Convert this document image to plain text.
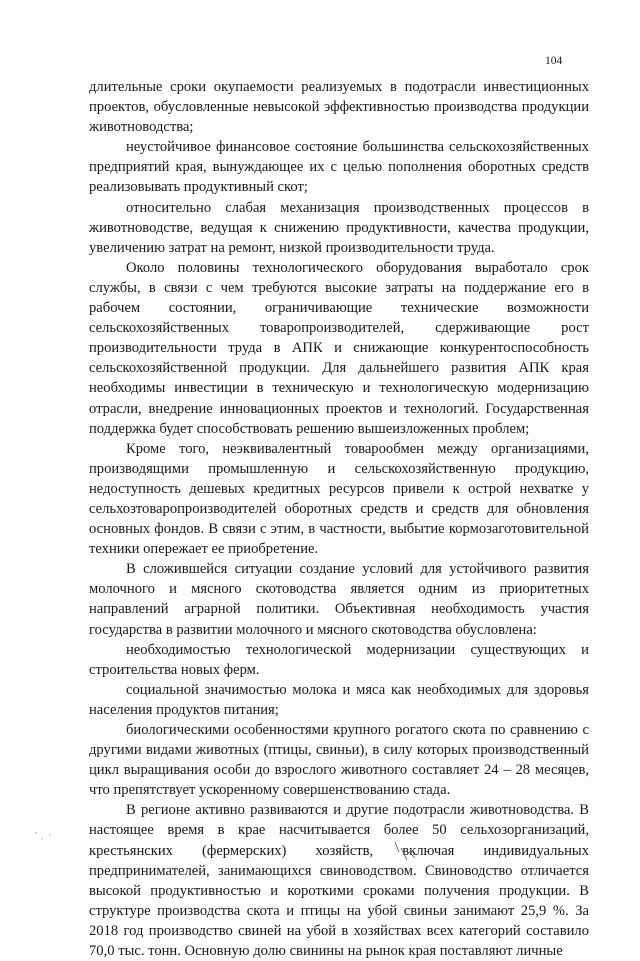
104

длительные сроки окупаемости реализуемых в подотрасли инвестиционных проектов, обусловленные невысокой эффективностью производства продукции животноводства;

неустойчивое финансовое состояние большинства сельскохозяйственных предприятий края, вынуждающее их с целью пополнения оборотных средств реализовывать продуктивный скот;

относительно слабая механизация производственных процессов в животноводстве, ведущая к снижению продуктивности, качества продукции, увеличению затрат на ремонт, низкой производительности труда.

Около половины технологического оборудования выработало срок службы, в связи с чем требуются высокие затраты на поддержание его в рабочем состоянии, ограничивающие технические возможности сельскохозяйственных товаропроизводителей, сдерживающие рост производительности труда в АПК и снижающие конкурентоспособность сельскохозяйственной продукции. Для дальнейшего развития АПК края необходимы инвестиции в техническую и технологическую модернизацию отрасли, внедрение инновационных проектов и технологий. Государственная поддержка будет способствовать решению вышеизложенных проблем;

Кроме того, неэквивалентный товарообмен между организациями, производящими промышленную и сельскохозяйственную продукцию, недоступность дешевых кредитных ресурсов привели к острой нехватке у сельхозтоваропроизводителей оборотных средств и средств для обновления основных фондов. В связи с этим, в частности, выбытие кормозаготовительной техники опережает ее приобретение.

В сложившейся ситуации создание условий для устойчивого развития молочного и мясного скотоводства является одним из приоритетных направлений аграрной политики. Объективная необходимость участия государства в развитии молочного и мясного скотоводства обусловлена:

необходимостью технологической модернизации существующих и строительства новых ферм.

социальной значимостью молока и мяса как необходимых для здоровья населения продуктов питания;

биологическими особенностями крупного рогатого скота по сравнению с другими видами животных (птицы, свиньи), в силу которых производственный цикл выращивания особи до взрослого животного составляет 24 – 28 месяцев, что препятствует ускоренному совершенствованию стада.

В регионе активно развиваются и другие подотрасли животноводства. В настоящее время в крае насчитывается более 50 сельхозорганизаций, крестьянских (фермерских) хозяйств, включая индивидуальных предпринимателей, занимающихся свиноводством. Свиноводство отличается высокой продуктивностью и короткими сроками получения продукции. В структуре производства скота и птицы на убой свиньи занимают 25,9 %. За 2018 год производство свиней на убой в хозяйствах всех категорий составило 70,0 тыс. тонн. Основную долю свинины на рынок края поставляют личные
